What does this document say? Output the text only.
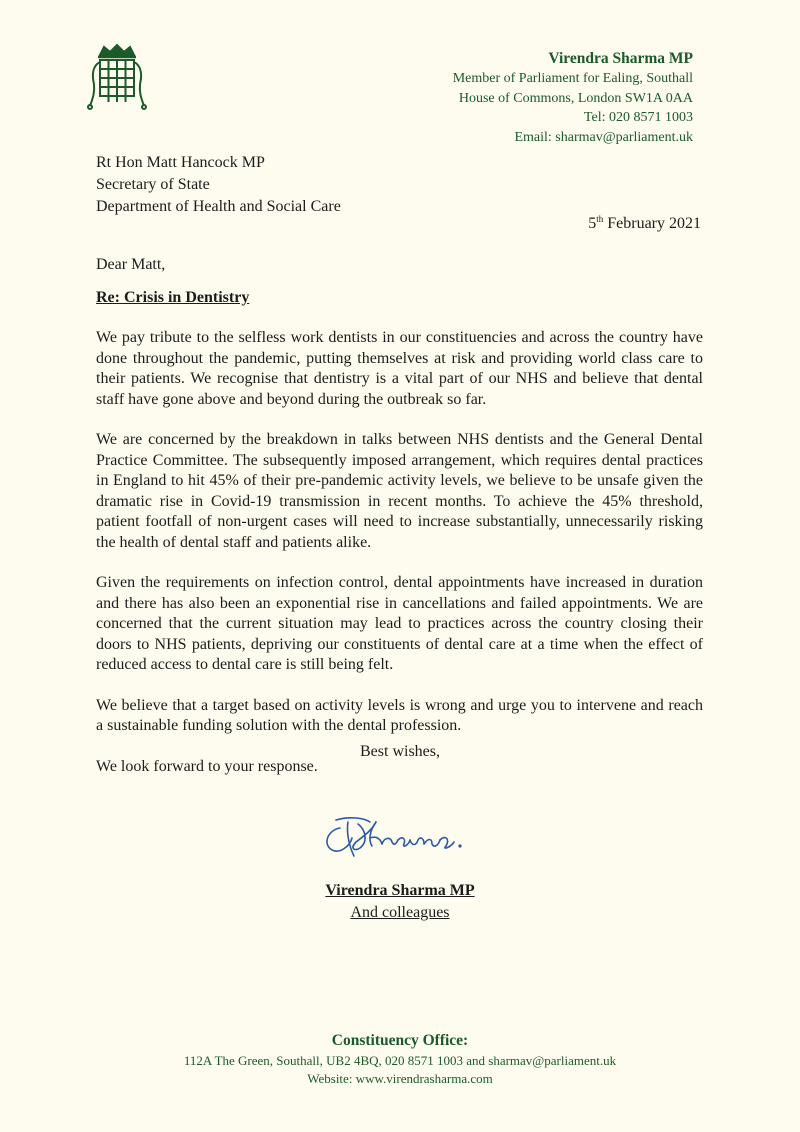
Virendra Sharma MP
Member of Parliament for Ealing, Southall
House of Commons, London SW1A 0AA
Tel: 020 8571 1003
Email: sharmav@parliament.uk
Rt Hon Matt Hancock MP
Secretary of State
Department of Health and Social Care
5th February 2021
Dear Matt,
Re: Crisis in Dentistry

We pay tribute to the selfless work dentists in our constituencies and across the country have done throughout the pandemic, putting themselves at risk and providing world class care to their patients. We recognise that dentistry is a vital part of our NHS and believe that dental staff have gone above and beyond during the outbreak so far.

We are concerned by the breakdown in talks between NHS dentists and the General Dental Practice Committee. The subsequently imposed arrangement, which requires dental practices in England to hit 45% of their pre-pandemic activity levels, we believe to be unsafe given the dramatic rise in Covid-19 transmission in recent months. To achieve the 45% threshold, patient footfall of non-urgent cases will need to increase substantially, unnecessarily risking the health of dental staff and patients alike.

Given the requirements on infection control, dental appointments have increased in duration and there has also been an exponential rise in cancellations and failed appointments. We are concerned that the current situation may lead to practices across the country closing their doors to NHS patients, depriving our constituents of dental care at a time when the effect of reduced access to dental care is still being felt.

We believe that a target based on activity levels is wrong and urge you to intervene and reach a sustainable funding solution with the dental profession.

We look forward to your response.

Best wishes,
Virendra Sharma MP
And colleagues
Constituency Office:
112A The Green, Southall, UB2 4BQ, 020 8571 1003 and sharmav@parliament.uk
Website: www.virendrasharma.com
